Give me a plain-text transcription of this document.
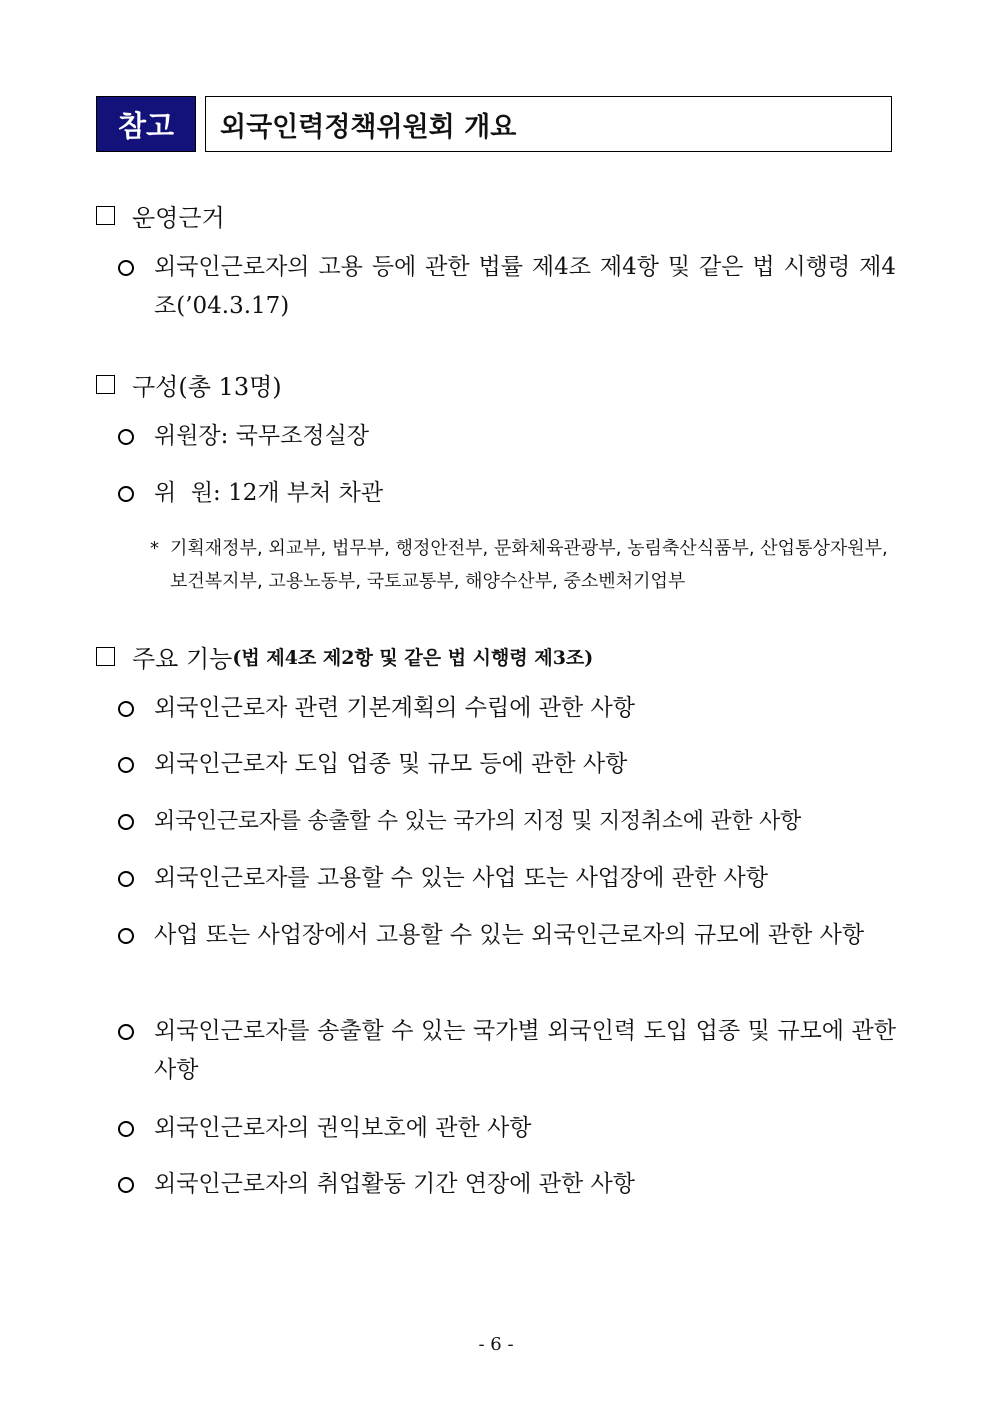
참고	외국인력정책위원회 개요
운영근거
외국인근로자의 고용 등에 관한 법률 제4조 제4항 및 같은 법 시행령 제4조(’04.3.17)
구성(총 13명)
위원장: 국무조정실장
위  원: 12개 부처 차관
* 기획재정부, 외교부, 법무부, 행정안전부, 문화체육관광부, 농림축산식품부, 산업통상자원부, 보건복지부, 고용노동부, 국토교통부, 해양수산부, 중소벤처기업부
주요 기능 (법 제4조 제2항 및 같은 법 시행령 제3조)
외국인근로자 관련 기본계획의 수립에 관한 사항
외국인근로자 도입 업종 및 규모 등에 관한 사항
외국인근로자를 송출할 수 있는 국가의 지정 및 지정취소에 관한 사항
외국인근로자를 고용할 수 있는 사업 또는 사업장에 관한 사항
사업 또는 사업장에서 고용할 수 있는 외국인근로자의 규모에 관한 사항
외국인근로자를 송출할 수 있는 국가별 외국인력 도입 업종 및 규모에 관한 사항
외국인근로자의 권익보호에 관한 사항
외국인근로자의 취업활동 기간 연장에 관한 사항
- 6 -
